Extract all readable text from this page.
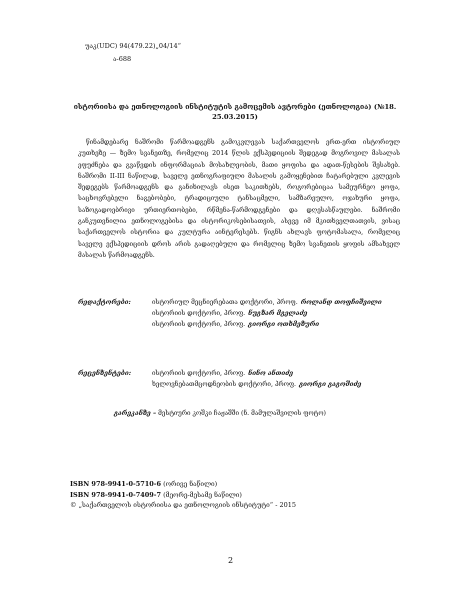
უაკ(UDC) 94(479.22)„04/14“
ა-688
ისტორიისა და ეთნოლოგიის ინსტიტუტის გამოცემის ავტორები (ეთნოლოგია) (№18. 25.03.2015)
წინამდებარე ნაშრომი წარმოადგენს გამოკვლევას საქართველოს ერთ-ერთ ისტორიულ კუთხეზე — ზემო სვანეთზე, რომელიც 2014 წლის ექსპედიციის შედეგად მოგროვილ მასალას ეფუძნება და გვაწვდის ინფორმაციას მოსახლეობის, მათი ყოფისა და ადათ-წესების შესახებ. ნაშრომი II-III ნაწილად, საველე ეთნოგრაფიული მასალის გამოყენებით ჩატარებული კვლევის შედეგებს წარმოადგენს და განიხილავს ისეთ საკითხებს, როგორებიცაა სამეურნეო ყოფა, საცხოვრებელი ნაგებობები, ტრადიციული ტანსაცმელი, სამზარეულო, ოჯახური ყოფა, საზოგადოებრივი ურთიერთობები, რწმენა-წარმოდგენები და დღესასწაულები. ნაშრომი განკუთვნილია ეთნოლოგებისა და ისტორიკოსებისათვის, ასევე იმ მკითხველთათვის, ვისაც საქართველოს ისტორია და კულტურა აინტერესებს. წიგნს ახლავს ფოტომასალა, რომელიც საველე ექსპედიციის დროს არის გადაღებული და რომელიც ზემო სვანეთის ყოფის ამსახველ მასალას წარმოადგენს.
რედაქტორები:	ისტორიულ მეცნიერებათა დოქტორი, პროფ. როლანდ თოფჩიშვილი
ისტორიის დოქტორი, პროფ. ნუგზარ მგელაძე
ისტორიის დოქტორი, პროფ. გიორგი ოთხმეზური
რეცენზენტები:	ისტორიის დოქტორი, პროფ. ნინო ანთიძე
ხელოვნებათმცოდნეობის დოქტორი, პროფ. გიორგი გაგოშიძე
გარეკანზე – მესტიური კოშკი ჩაჟაშში (ნ. მამულაშვილის ფოტო)
ISBN 978-9941-0-5710-6 (ორივე ნაწილი)
ISBN 978-9941-0-7409-7 (მეორე-მესამე ნაწილი)
© „საქართველოს ისტორიისა და ეთნოლოგიის ინსტიტუტი“ - 2015
2
